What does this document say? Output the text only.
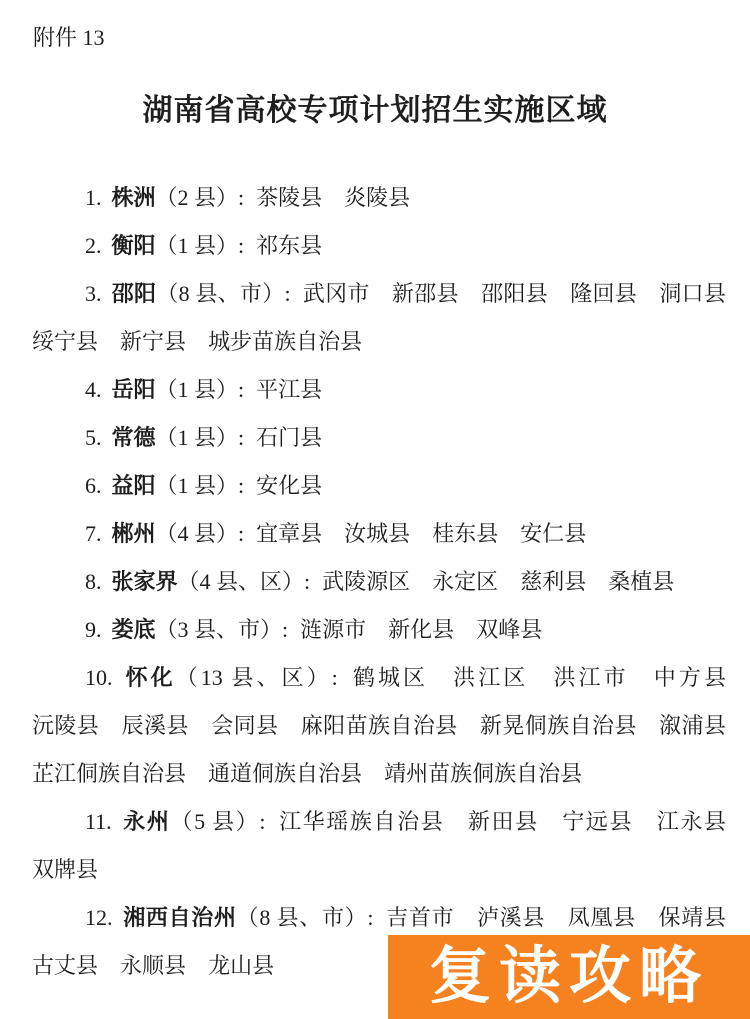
附件 13
湖南省高校专项计划招生实施区域

1. 株洲（2 县）: 茶陵县　 炎陵县

2. 衡阳（1 县）: 祁东县

3. 邵阳（8 县、市）: 武冈市　 新邵县　 邵阳县　 隆回县　 洞口县　绥宁县　 新宁县　 城步苗族自治县

4. 岳阳（1 县）: 平江县

5. 常德（1 县）: 石门县

6. 益阳（1 县）: 安化县

7. 郴州（4 县）: 宜章县　 汝城县　 桂东县　 安仁县

8. 张家界（4 县、区）: 武陵源区　 永定区　 慈利县　 桑植县

9. 娄底（3 县、市）: 涟源市　 新化县　 双峰县

10. 怀化（13 县、区）: 鹤城区　 洪江区　 洪江市　 中方县　沅陵县　 辰溪县　 会同县　 麻阳苗族自治县　 新晃侗族自治县　 溆浦县　芷江侗族自治县　 通道侗族自治县　 靖州苗族侗族自治县

11. 永州（5 县）: 江华瑶族自治县　 新田县　 宁远县　 江永县　双牌县

12. 湘西自治州（8 县、市）: 吉首市　 泸溪县　 凤凰县　 保靖县　古丈县　 永顺县　 龙山县	复读攻略
